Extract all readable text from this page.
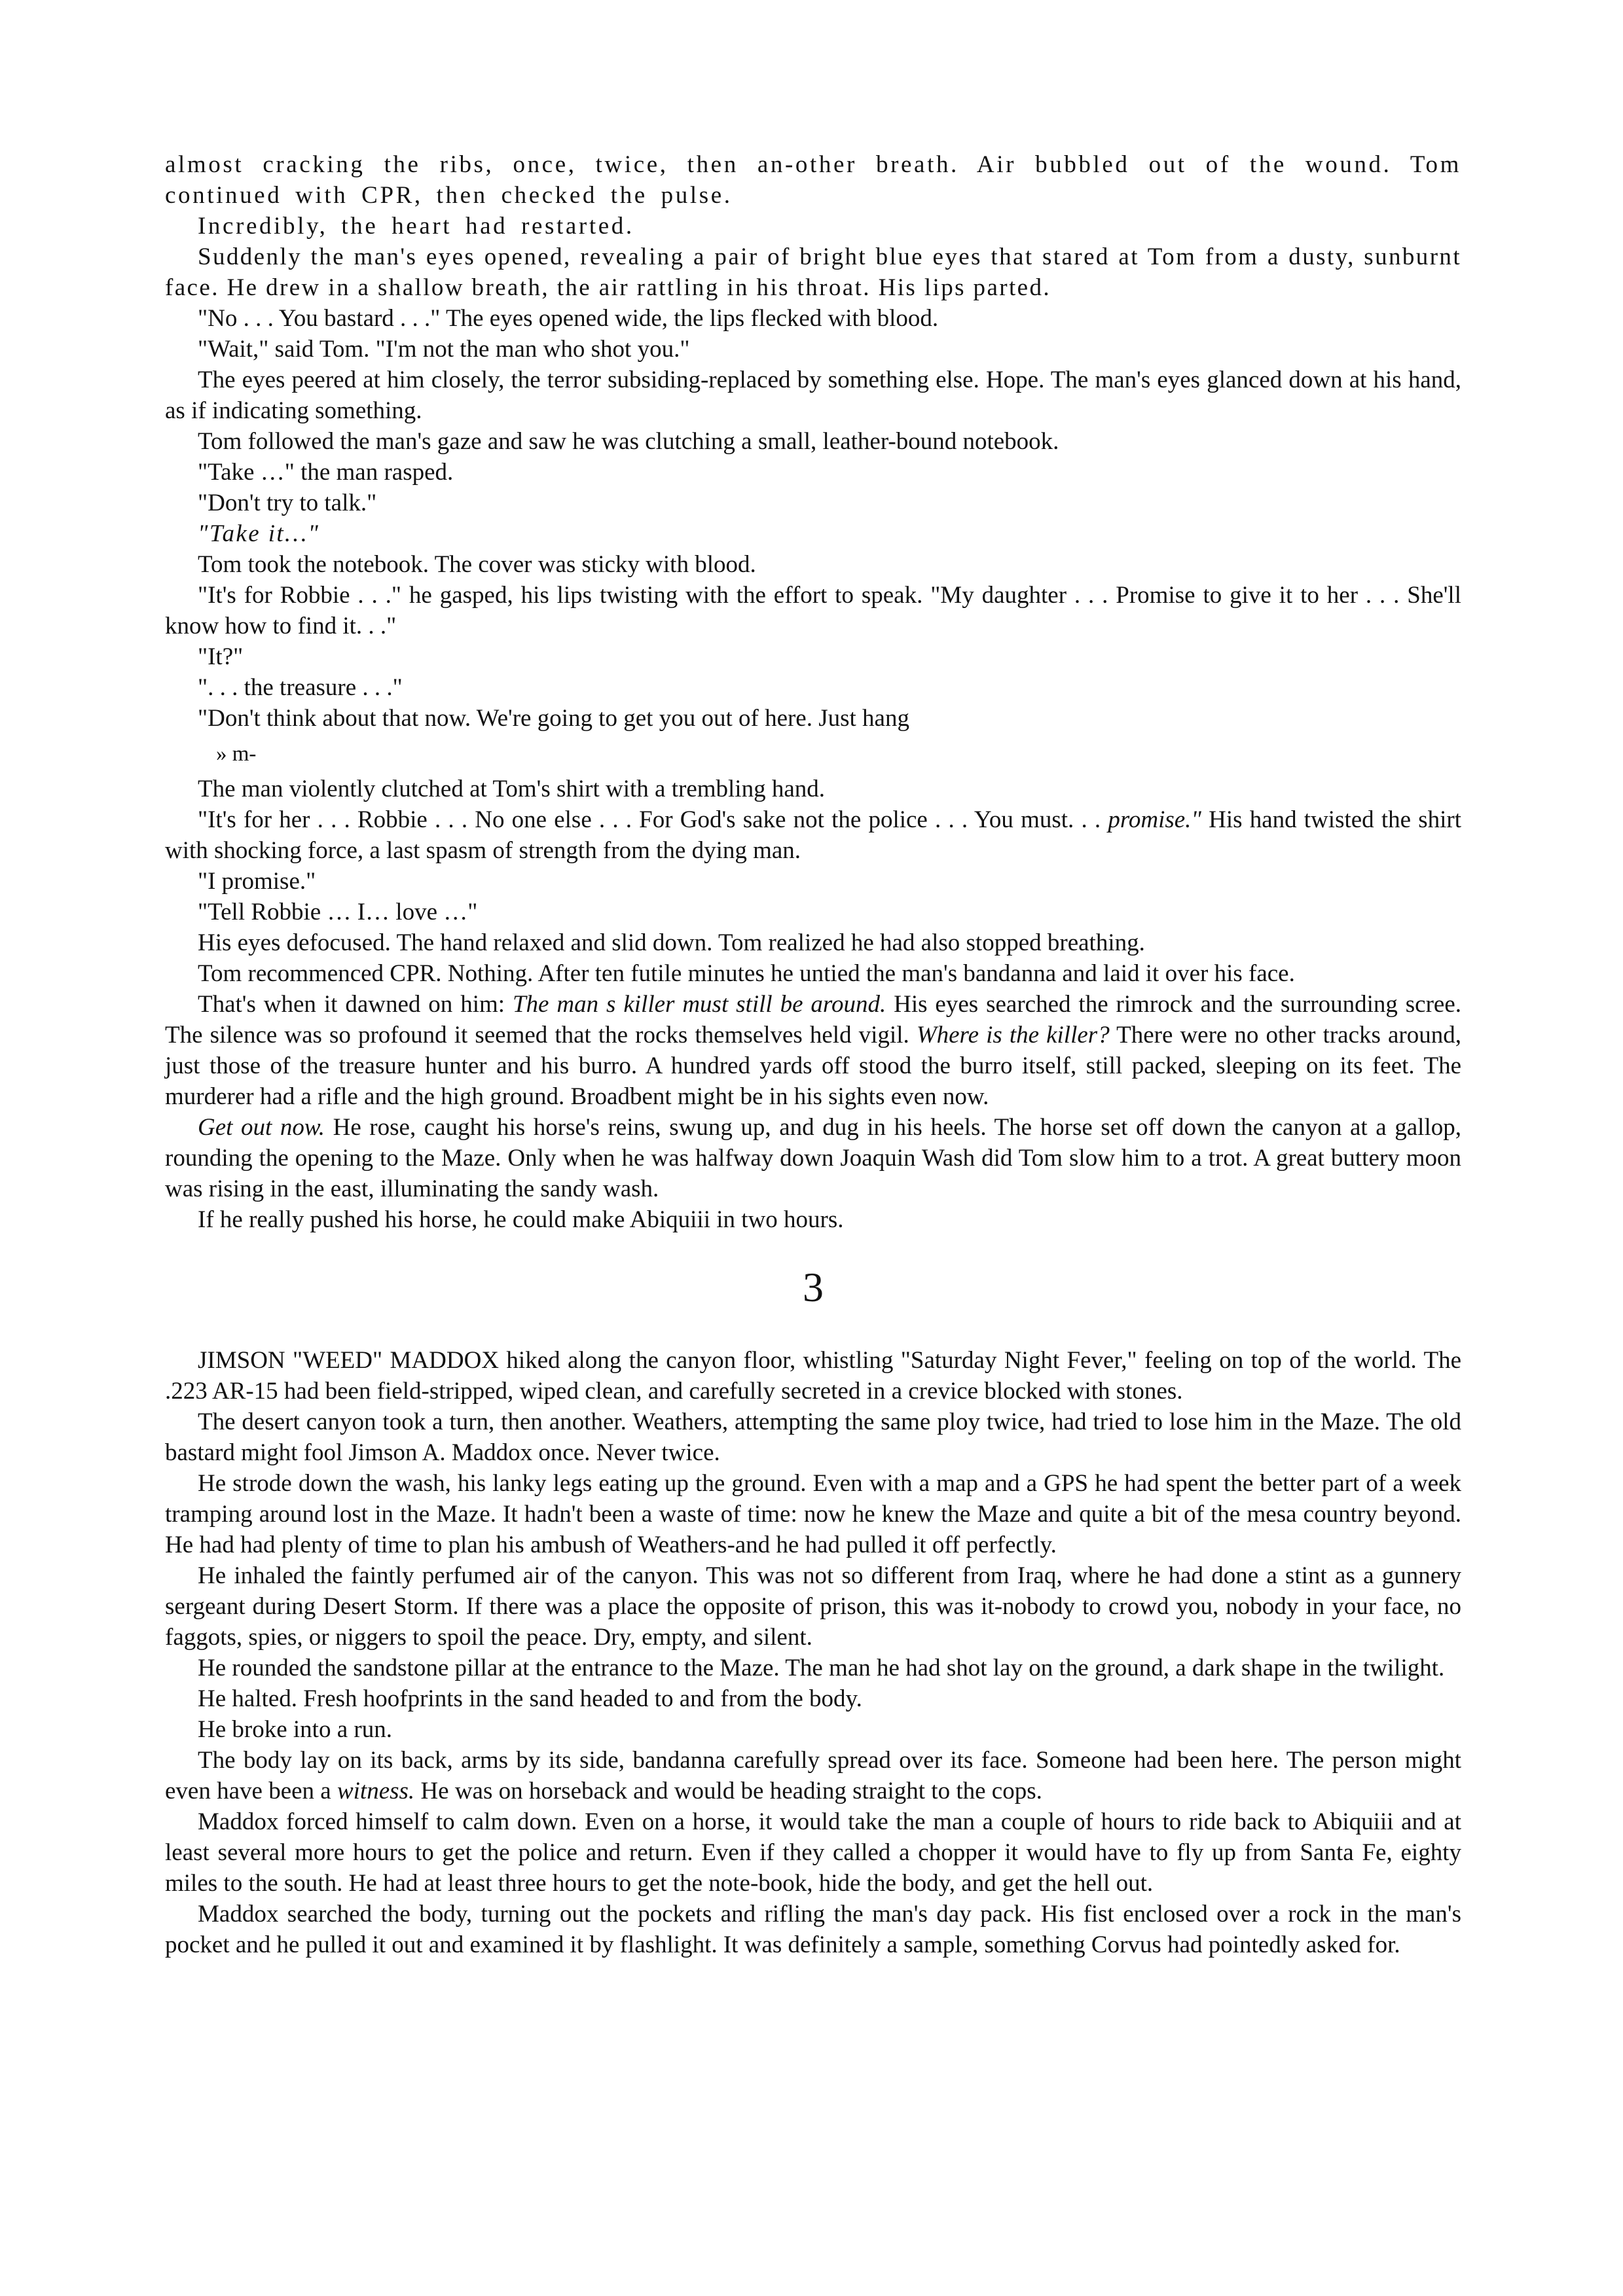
almost cracking the ribs, once, twice, then an-other breath. Air bubbled out of the wound. Tom continued with CPR, then checked the pulse.

Incredibly, the heart had restarted.

Suddenly the man's eyes opened, revealing a pair of bright blue eyes that stared at Tom from a dusty, sunburnt face. He drew in a shallow breath, the air rattling in his throat. His lips parted.

"No . . . You bastard . . ." The eyes opened wide, the lips flecked with blood.

"Wait," said Tom. "I'm not the man who shot you."

The eyes peered at him closely, the terror subsiding-replaced by something else. Hope. The man's eyes glanced down at his hand, as if indicating something.

Tom followed the man's gaze and saw he was clutching a small, leather-bound notebook.

"Take …" the man rasped.

"Don't try to talk."

"Take it…"

Tom took the notebook. The cover was sticky with blood.

"It's for Robbie . . ." he gasped, his lips twisting with the effort to speak. "My daughter . . . Promise to give it to her . . . She'll know how to find it. . ."

"It?"

". . . the treasure . . ."

"Don't think about that now. We're going to get you out of here. Just hang

» m-

The man violently clutched at Tom's shirt with a trembling hand.

"It's for her . . . Robbie . . . No one else . . . For God's sake not the police . . . You must. . . promise." His hand twisted the shirt with shocking force, a last spasm of strength from the dying man.

"I promise."

"Tell Robbie … I… love …"

His eyes defocused. The hand relaxed and slid down. Tom realized he had also stopped breathing.

Tom recommenced CPR. Nothing. After ten futile minutes he untied the man's bandanna and laid it over his face.

That's when it dawned on him: The man s killer must still be around. His eyes searched the rimrock and the surrounding scree. The silence was so profound it seemed that the rocks themselves held vigil. Where is the killer? There were no other tracks around, just those of the treasure hunter and his burro. A hundred yards off stood the burro itself, still packed, sleeping on its feet. The murderer had a rifle and the high ground. Broadbent might be in his sights even now.

Get out now. He rose, caught his horse's reins, swung up, and dug in his heels. The horse set off down the canyon at a gallop, rounding the opening to the Maze. Only when he was halfway down Joaquin Wash did Tom slow him to a trot. A great buttery moon was rising in the east, illuminating the sandy wash.

If he really pushed his horse, he could make Abiquiii in two hours.

3

JIMSON "WEED" MADDOX hiked along the canyon floor, whistling "Saturday Night Fever," feeling on top of the world. The .223 AR-15 had been field-stripped, wiped clean, and carefully secreted in a crevice blocked with stones.

The desert canyon took a turn, then another. Weathers, attempting the same ploy twice, had tried to lose him in the Maze. The old bastard might fool Jimson A. Maddox once. Never twice.

He strode down the wash, his lanky legs eating up the ground. Even with a map and a GPS he had spent the better part of a week tramping around lost in the Maze. It hadn't been a waste of time: now he knew the Maze and quite a bit of the mesa country beyond. He had had plenty of time to plan his ambush of Weathers-and he had pulled it off perfectly.

He inhaled the faintly perfumed air of the canyon. This was not so different from Iraq, where he had done a stint as a gunnery sergeant during Desert Storm. If there was a place the opposite of prison, this was it-nobody to crowd you, nobody in your face, no faggots, spies, or niggers to spoil the peace. Dry, empty, and silent.

He rounded the sandstone pillar at the entrance to the Maze. The man he had shot lay on the ground, a dark shape in the twilight.

He halted. Fresh hoofprints in the sand headed to and from the body.

He broke into a run.

The body lay on its back, arms by its side, bandanna carefully spread over its face. Someone had been here. The person might even have been a witness. He was on horseback and would be heading straight to the cops.

Maddox forced himself to calm down. Even on a horse, it would take the man a couple of hours to ride back to Abiquiii and at least several more hours to get the police and return. Even if they called a chopper it would have to fly up from Santa Fe, eighty miles to the south. He had at least three hours to get the note-book, hide the body, and get the hell out.

Maddox searched the body, turning out the pockets and rifling the man's day pack. His fist enclosed over a rock in the man's pocket and he pulled it out and examined it by flashlight. It was definitely a sample, something Corvus had pointedly asked for.
